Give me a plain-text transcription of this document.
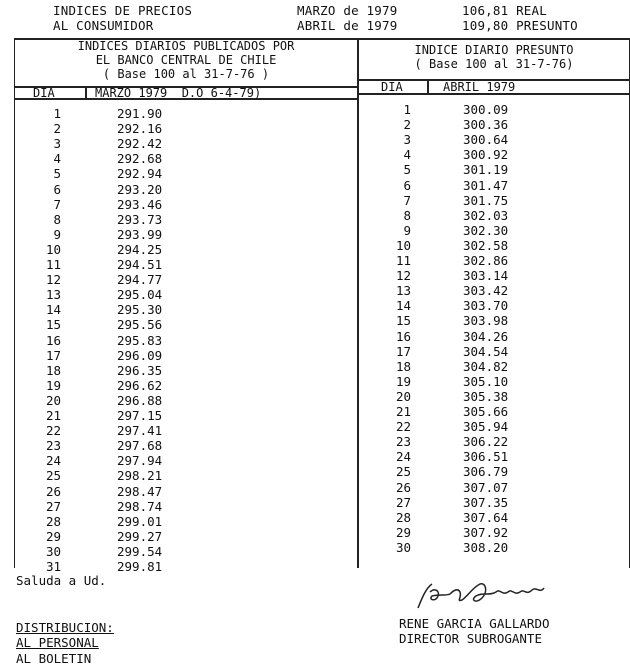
INDICES DE PRECIOS
AL CONSUMIDOR
MARZO de 1979	106,81 REAL
ABRIL de 1979	109,80 PRESUNTO
INDICES DIARIOS PUBLICADOS POR
EL BANCO CENTRAL DE CHILE
( Base 100 al 31-7-76 )
DIA	MARZO 1979  D.O 6-4-79)
INDICE DIARIO PRESUNTO
( Base 100 al 31-7-76)
DIA	ABRIL 1979
1	291.90
2	292.16
3	292.42
4	292.68
5	292.94
6	293.20
7	293.46
8	293.73
9	293.99
10	294.25
11	294.51
12	294.77
13	295.04
14	295.30
15	295.56
16	295.83
17	296.09
18	296.35
19	296.62
20	296.88
21	297.15
22	297.41
23	297.68
24	297.94
25	298.21
26	298.47
27	298.74
28	299.01
29	299.27
30	299.54
31	299.81
1	300.09
2	300.36
3	300.64
4	300.92
5	301.19
6	301.47
7	301.75
8	302.03
9	302.30
10	302.58
11	302.86
12	303.14
13	303.42
14	303.70
15	303.98
16	304.26
17	304.54
18	304.82
19	305.10
20	305.38
21	305.66
22	305.94
23	306.22
24	306.51
25	306.79
26	307.07
27	307.35
28	307.64
29	307.92
30	308.20
Saluda a Ud.
DISTRIBUCION:
AL PERSONAL
AL BOLETIN
RENE GARCIA GALLARDO
DIRECTOR SUBROGANTE
